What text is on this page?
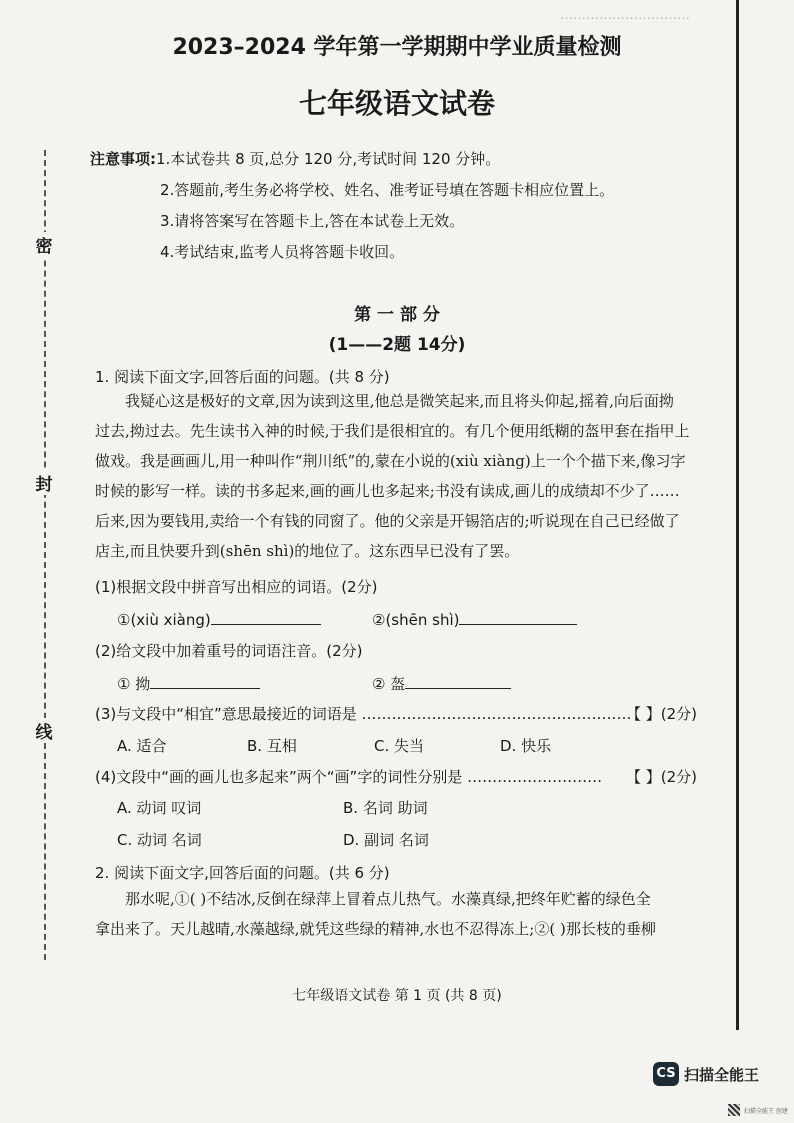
…………………………
密
封
线
2023–2024 学年第一学期期中学业质量检测
七年级语文试卷
注意事项:1.本试卷共 8 页,总分 120 分,考试时间 120 分钟。
2.答题前,考生务必将学校、姓名、准考证号填在答题卡相应位置上。
3.请将答案写在答题卡上,答在本试卷上无效。
4.考试结束,监考人员将答题卡收回。
第 一 部 分
(1——2题 14分)
1. 阅读下面文字,回答后面的问题。(共 8 分)
我疑心这是极好的文章,因为读到这里,他总是微笑起来,而且将头仰起,摇着,向后面拗
过去,拗过去。先生读书入神的时候,于我们是很相宜的。有几个便用纸糊的盔甲套在指甲上
做戏。我是画画儿,用一种叫作“荆川纸”的,蒙在小说的(xiù xiàng)上一个个描下来,像习字
时候的影写一样。读的书多起来,画的画儿也多起来;书没有读成,画儿的成绩却不少了……
后来,因为要钱用,卖给一个有钱的同窗了。他的父亲是开锡箔店的;听说现在自己已经做了
店主,而且快要升到(shēn shì)的地位了。这东西早已没有了罢。
(1)根据文段中拼音写出相应的词语。(2分)
①(xiù xiàng)	②(shēn shì)
(2)给文段中加着重号的词语注音。(2分)
① 拗	② 盔
(3)与文段中“相宜”意思最接近的词语是 ………………………………………………
【 】(2分)
A. 适合	B. 互相	C. 失当	D. 快乐
(4)文段中“画的画儿也多起来”两个“画”字的词性分别是 ……………………… 【 】(2分)
A. 动词 叹词	B. 名词 助词
C. 动词 名词	D. 副词 名词
2. 阅读下面文字,回答后面的问题。(共 6 分)
那水呢,①( )不结冰,反倒在绿萍上冒着点儿热气。水藻真绿,把终年贮蓄的绿色全
拿出来了。天儿越晴,水藻越绿,就凭这些绿的精神,水也不忍得冻上;②( )那长枝的垂柳
七年级语文试卷 第 1 页 (共 8 页)
CS 扫描全能王
扫描全能王 创建
